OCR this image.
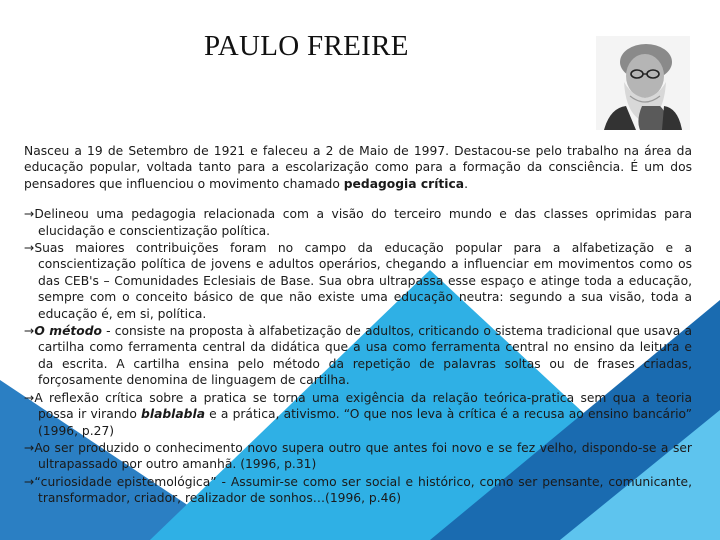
PAULO FREIRE

Nasceu a 19 de Setembro de 1921 e faleceu a 2 de Maio de 1997. Destacou-se pelo trabalho na área da educação popular, voltada tanto para a escolarização como para a formação da consciência. É um dos pensadores que influenciou o movimento chamado pedagogia crítica.

→Delineou uma pedagogia relacionada com a visão do terceiro mundo e das classes oprimidas para elucidação e conscientização política.

→Suas maiores contribuições foram no campo da educação popular para a alfabetização e a conscientização política de jovens e adultos operários, chegando a influenciar em movimentos como os das CEB's – Comunidades Eclesiais de Base. Sua obra ultrapassa esse espaço e atinge toda a educação, sempre com o conceito básico de que não existe uma educação neutra: segundo a sua visão, toda a educação é, em si, política.

→O método - consiste na proposta à alfabetização de adultos, criticando o sistema tradicional que usava a cartilha como ferramenta central da didática que a usa como ferramenta central no ensino da leitura e da escrita. A cartilha ensina pelo método da repetição de palavras soltas ou de frases criadas, forçosamente denomina de linguagem de cartilha.

→A reflexão crítica sobre a pratica se torna uma exigência da relação teórica-pratica sem qua a teoria possa ir virando blablabla e a prática, ativismo. “O que nos leva à crítica é a recusa ao ensino bancário” (1996, p.27)

→Ao ser produzido o conhecimento novo supera outro que antes foi novo e se fez velho, dispondo-se a ser ultrapassado por outro amanhã. (1996, p.31)

→“curiosidade epistemológica” - Assumir-se como ser social e histórico, como ser pensante, comunicante, transformador, criador, realizador de sonhos…(1996, p.46)
